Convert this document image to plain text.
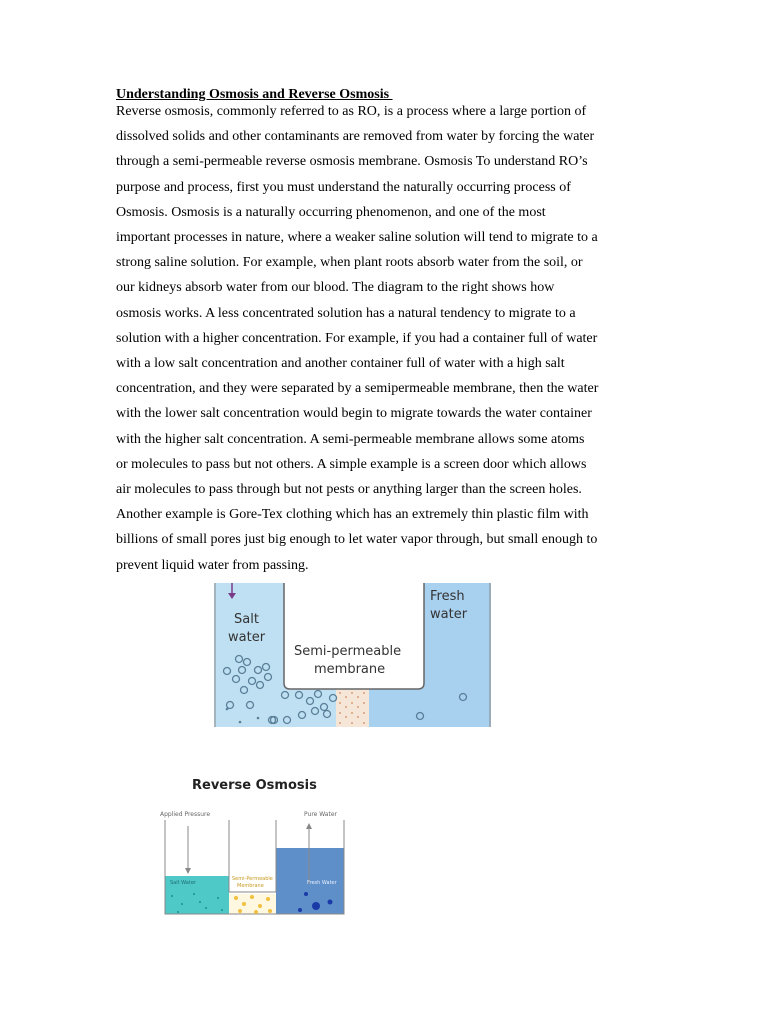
Understanding Osmosis and Reverse Osmosis
Reverse osmosis, commonly referred to as RO, is a process where a large portion of
dissolved solids and other contaminants are removed from water by forcing the water
through a semi-permeable reverse osmosis membrane. Osmosis To understand RO’s
purpose and process, first you must understand the naturally occurring process of
Osmosis. Osmosis is a naturally occurring phenomenon, and one of the most
important processes in nature, where a weaker saline solution will tend to migrate to a
strong saline solution. For example, when plant roots absorb water from the soil, or
our kidneys absorb water from our blood. The diagram to the right shows how
osmosis works. A less concentrated solution has a natural tendency to migrate to a
solution with a higher concentration. For example, if you had a container full of water
with a low salt concentration and another container full of water with a high salt
concentration, and they were separated by a semipermeable membrane, then the water
with the lower salt concentration would begin to migrate towards the water container
with the higher salt concentration. A semi-permeable membrane allows some atoms
or molecules to pass but not others. A simple example is a screen door which allows
air molecules to pass through but not pests or anything larger than the screen holes.
Another example is Gore-Tex clothing which has an extremely thin plastic film with
billions of small pores just big enough to let water vapor through, but small enough to
prevent liquid water from passing.
Salt
water
Fresh
water
Semi-permeable
membrane
Reverse Osmosis
Applied Pressure	Pure Water
Salt Water	Fresh Water
Semi-Permeable
Membrane
